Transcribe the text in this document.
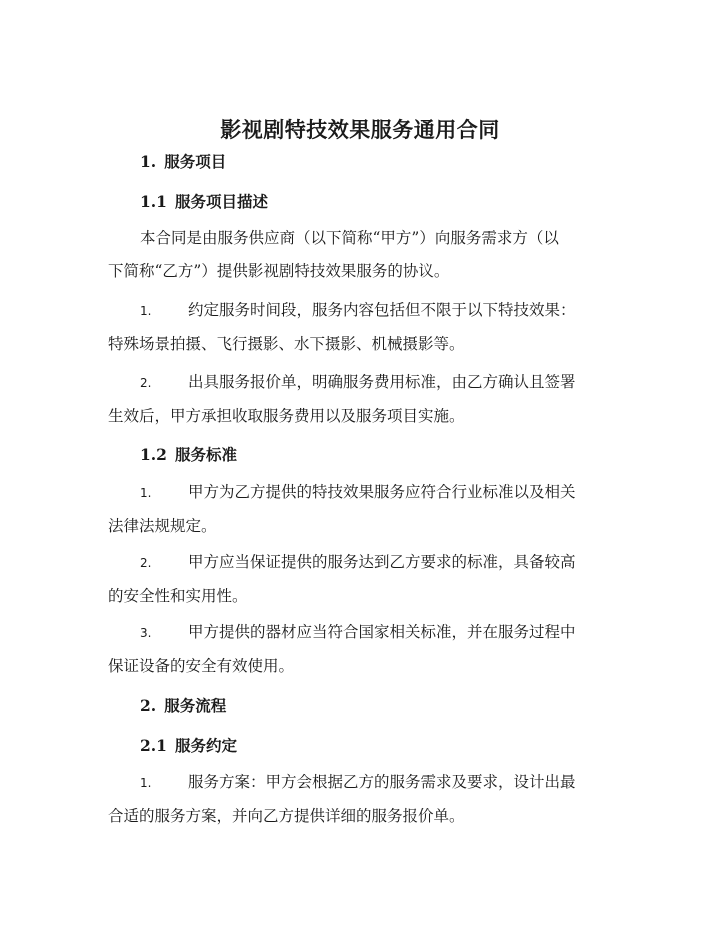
影视剧特技效果服务通用合同
1. 服务项目
1.1 服务项目描述
本合同是由服务供应商（以下简称“甲方”）向服务需求方（以
下简称“乙方”）提供影视剧特技效果服务的协议。
1. 约定服务时间段，服务内容包括但不限于以下特技效果：
特殊场景拍摄、飞行摄影、水下摄影、机械摄影等。
2. 出具服务报价单，明确服务费用标准，由乙方确认且签署
生效后，甲方承担收取服务费用以及服务项目实施。
1.2 服务标准
1. 甲方为乙方提供的特技效果服务应符合行业标准以及相关
法律法规规定。
2. 甲方应当保证提供的服务达到乙方要求的标准，具备较高
的安全性和实用性。
3. 甲方提供的器材应当符合国家相关标准，并在服务过程中
保证设备的安全有效使用。
2. 服务流程
2.1 服务约定
1. 服务方案：甲方会根据乙方的服务需求及要求，设计出最
合适的服务方案，并向乙方提供详细的服务报价单。
